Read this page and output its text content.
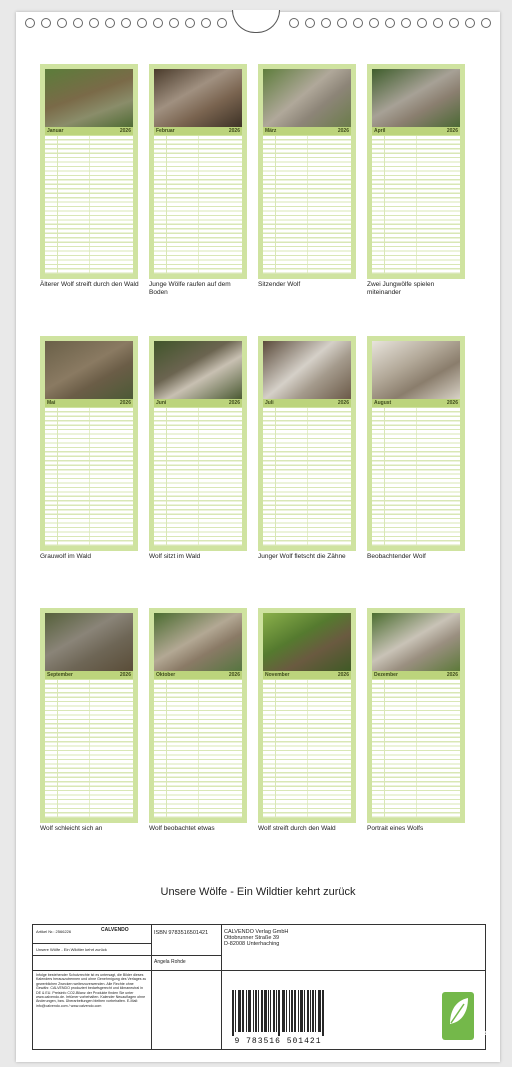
Januar	2026
Älterer Wolf streift durch den Wald
Februar	2026
Junge Wölfe raufen auf dem Boden
März	2026
Sitzender Wolf
April	2026
Zwei Jungwölfe spielen miteinander
Mai	2026
Grauwolf im Wald
Juni	2026
Wolf sitzt im Wald
Juli	2026
Junger Wolf fletscht die Zähne
August	2026
Beobachtender Wolf
September	2026
Wolf schleicht sich an
Oktober	2026
Wolf beobachtet etwas
November	2026
Wolf streift durch den Wald
Dezember	2026
Portrait eines Wolfs
Unsere Wölfe - Ein Wildtier kehrt zurück
Artikel Nr.: 2566226	CALVENDO
Unsere Wölfe - Ein Wildtier kehrt zurück
ISBN 9783516501421	CALVENDO Verlag GmbH
Ottobrunner Straße 39
D-82008 Unterhaching
Angela Rohde
Infolge bestehender Schutzrechte ist es untersagt, die Bilder dieses Kalenders herauszutrennen und ohne Genehmigung des Verlages zu gewerblichen Zwecken weiterzuverwenden. Alle Rechte ohne Gewähr. CALVENDO produziert bedarfsgerecht und klimaneutral in DE & EU. Preisinfo CO2-Bilanz der Produkte finden Sie unter www.calvendo.de. Irrtümer vorbehalten. Kalender Neuauflagen ohne Änderungen, bzw. Überarbeitungen bleiben vorbehalten. E-Mail: info@calvendo.com / www.calvendo.com
9 783516 501421
eco
